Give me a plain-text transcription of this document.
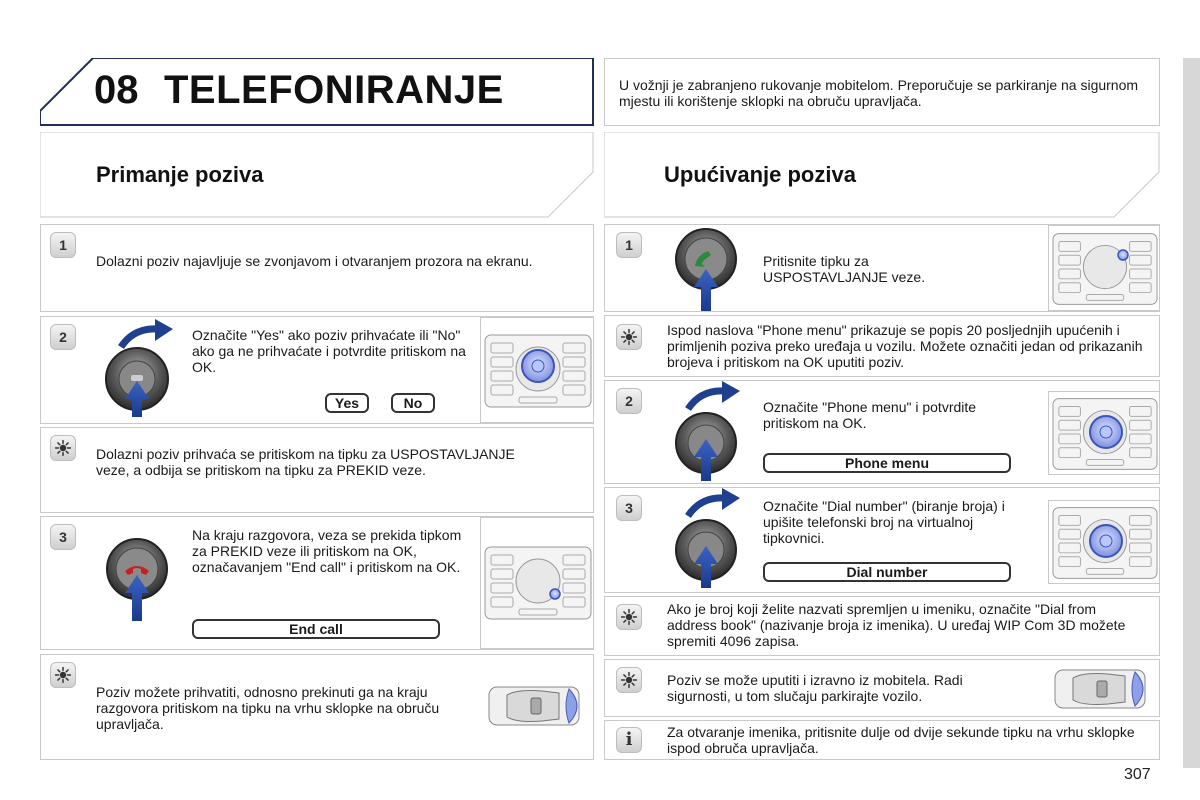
08 TELEFONIRANJE	U vožnji je zabranjeno rukovanje mobitelom. Preporučuje se parkiranje na sigurnom mjestu ili korištenje sklopki na obruču upravljača.
Primanje poziva
1
Dolazni poziv najavljuje se zvonjavom i otvaranjem prozora na ekranu.
2	Označite "Yes" ako poziv prihvaćate ili "No" ako ga ne prihvaćate i potvrdite pritiskom na OK.
Yes	No
Dolazni poziv prihvaća se pritiskom na tipku za USPOSTAVLJANJE veze, a odbija se pritiskom na tipku za PREKID veze.
3	Na kraju razgovora, veza se prekida tipkom za PREKID veze ili pritiskom na OK, označavanjem "End call" i pritiskom na OK.
End call
Poziv možete prihvatiti, odnosno prekinuti ga na kraju razgovora pritiskom na tipku na vrhu sklopke na obruču upravljača.
Upućivanje poziva
1
Pritisnite tipku za USPOSTAVLJANJE veze.
Ispod naslova "Phone menu" prikazuje se popis 20 posljednjih upućenih i primljenih poziva preko uređaja u vozilu. Možete označiti jedan od prikazanih brojeva i pritiskom na OK uputiti poziv.
2	Označite "Phone menu" i potvrdite pritiskom na OK.
Phone menu
3	Označite "Dial number" (biranje broja) i upišite telefonski broj na virtualnoj tipkovnici.
Dial number
Ako je broj koji želite nazvati spremljen u imeniku, označite "Dial from address book" (nazivanje broja iz imenika). U uređaj WIP Com 3D možete spremiti 4096 zapisa.
Poziv se može uputiti i izravno iz mobitela. Radi sigurnosti, u tom slučaju parkirajte vozilo.
i	Za otvaranje imenika, pritisnite dulje od dvije sekunde tipku na vrhu sklopke ispod obruča upravljača.
307
